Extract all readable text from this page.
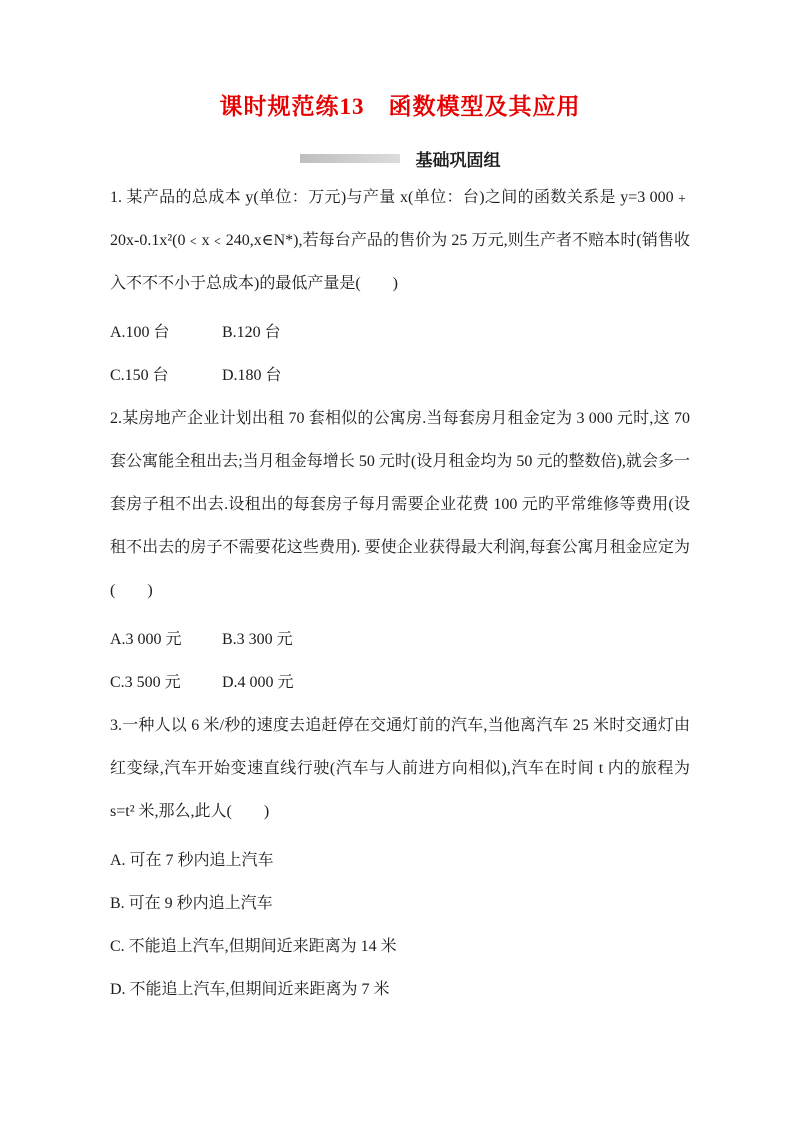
课时规范练13　函数模型及其应用
基础巩固组

1. 某产品的总成本 y(单位：万元)与产量 x(单位：台)之间的函数关系是 y=3 000﹢20x-0.1x²(0﹤x﹤240,x∈N*),若每台产品的售价为 25 万元,则生产者不赔本时(销售收入不不不小于总成本)的最低产量是(　　)

A.100 台	B.120 台
C.150 台	D.180 台

2.某房地产企业计划出租 70 套相似的公寓房.当每套房月租金定为 3 000 元时,这 70 套公寓能全租出去;当月租金每增长 50 元时(设月租金均为 50 元的整数倍),就会多一套房子租不出去.设租出的每套房子每月需要企业花费 100 元旳平常维修等费用(设租不出去的房子不需要花这些费用). 要使企业获得最大利润,每套公寓月租金应定为(　　)

A.3 000 元	B.3 300 元
C.3 500 元	D.4 000 元

3.一种人以 6 米/秒的速度去追赶停在交通灯前的汽车,当他离汽车 25 米时交通灯由红变绿,汽车开始变速直线行驶(汽车与人前进方向相似),汽车在时间 t 内的旅程为 s=t² 米,那么,此人(　　)

A. 可在 7 秒内追上汽车
B. 可在 9 秒内追上汽车
C. 不能追上汽车,但期间近来距离为 14 米
D. 不能追上汽车,但期间近来距离为 7 米
